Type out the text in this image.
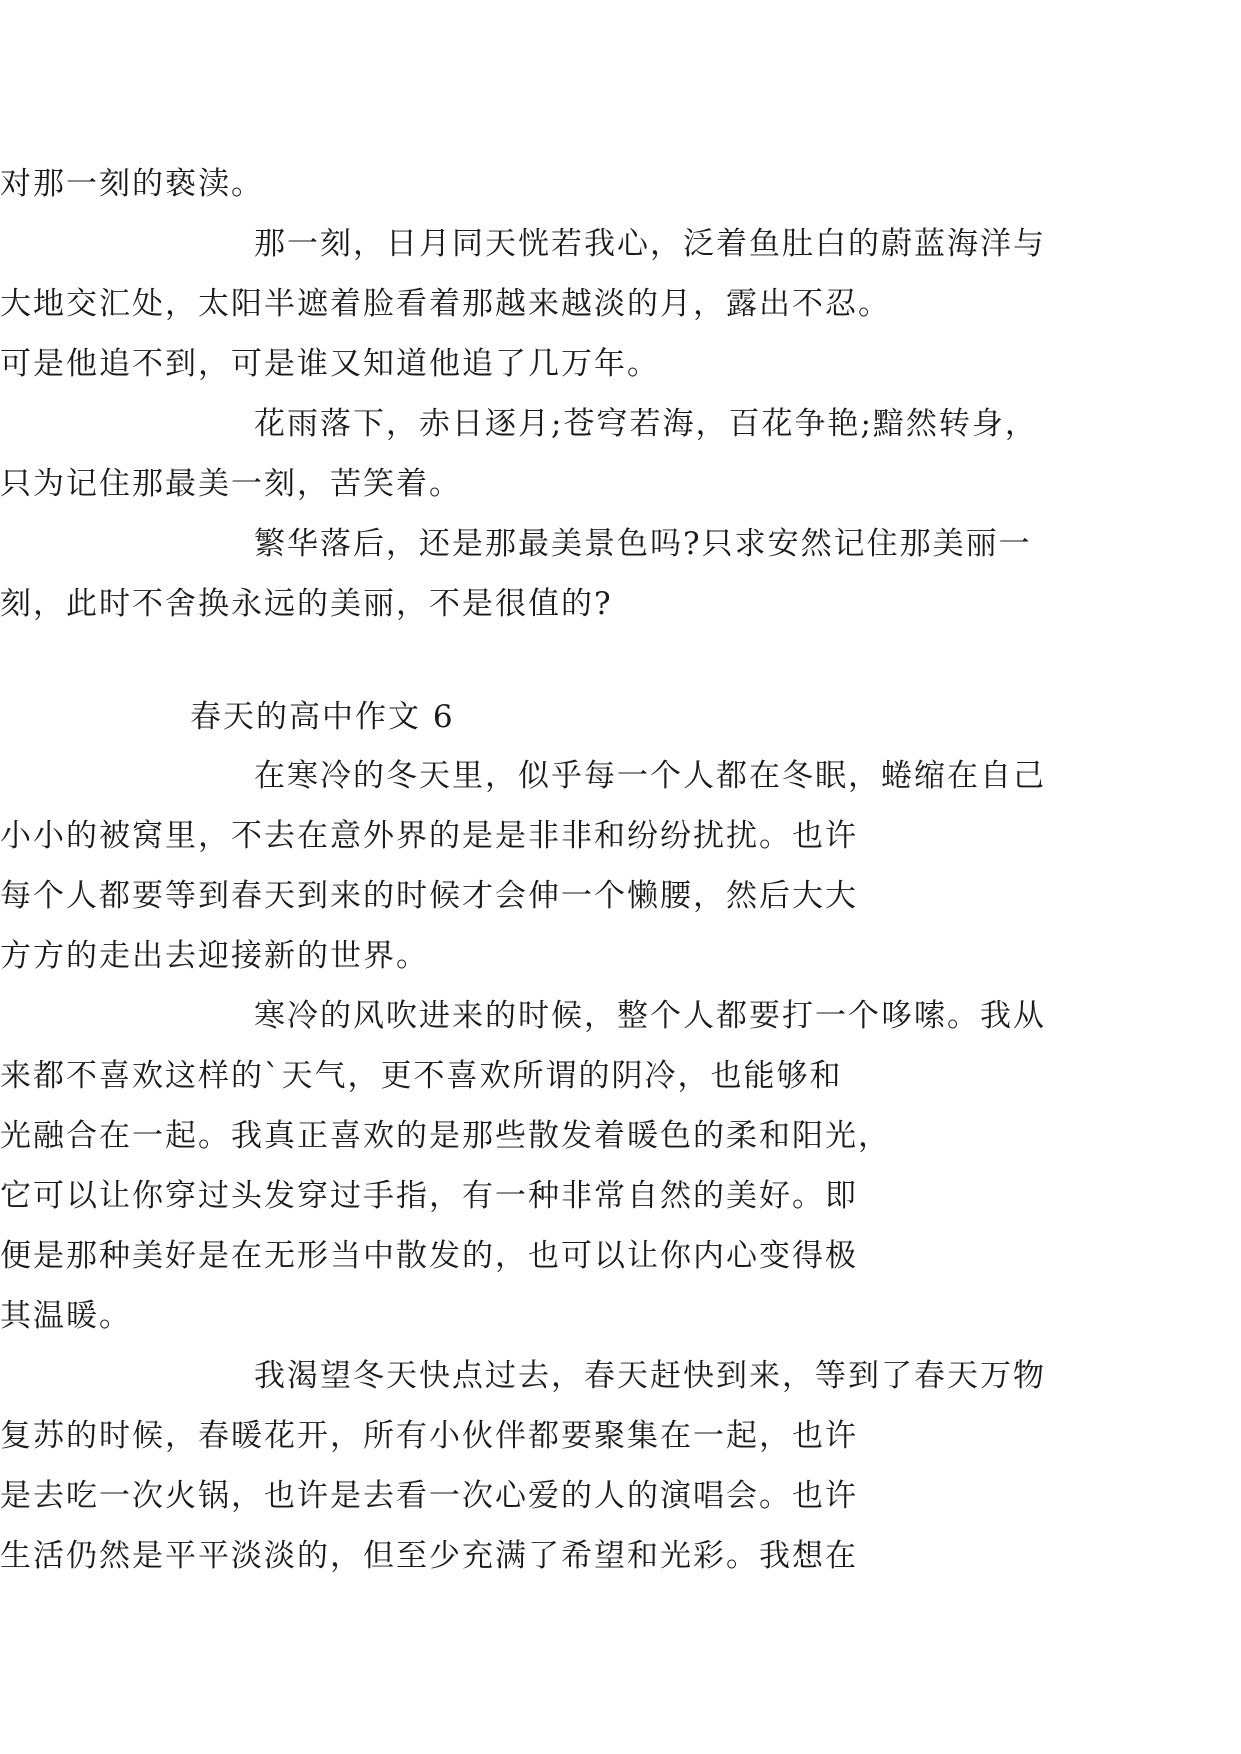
对那一刻的亵渎。
那一刻，日月同天恍若我心，泛着鱼肚白的蔚蓝海洋与
大地交汇处，太阳半遮着脸看着那越来越淡的月，露出不忍。
可是他追不到，可是谁又知道他追了几万年。
花雨落下，赤日逐月;苍穹若海，百花争艳;黯然转身，
只为记住那最美一刻，苦笑着。
繁华落后，还是那最美景色吗?只求安然记住那美丽一
刻，此时不舍换永远的美丽，不是很值的?
春天的高中作文 6
在寒冷的冬天里，似乎每一个人都在冬眠，蜷缩在自己
小小的被窝里，不去在意外界的是是非非和纷纷扰扰。也许
每个人都要等到春天到来的时候才会伸一个懒腰，然后大大
方方的走出去迎接新的世界。
寒冷的风吹进来的时候，整个人都要打一个哆嗦。我从
来都不喜欢这样的`天气，更不喜欢所谓的阴冷，也能够和
光融合在一起。我真正喜欢的是那些散发着暖色的柔和阳光，
它可以让你穿过头发穿过手指，有一种非常自然的美好。即
便是那种美好是在无形当中散发的，也可以让你内心变得极
其温暖。
我渴望冬天快点过去，春天赶快到来，等到了春天万物
复苏的时候，春暖花开，所有小伙伴都要聚集在一起，也许
是去吃一次火锅，也许是去看一次心爱的人的演唱会。也许
生活仍然是平平淡淡的，但至少充满了希望和光彩。我想在
